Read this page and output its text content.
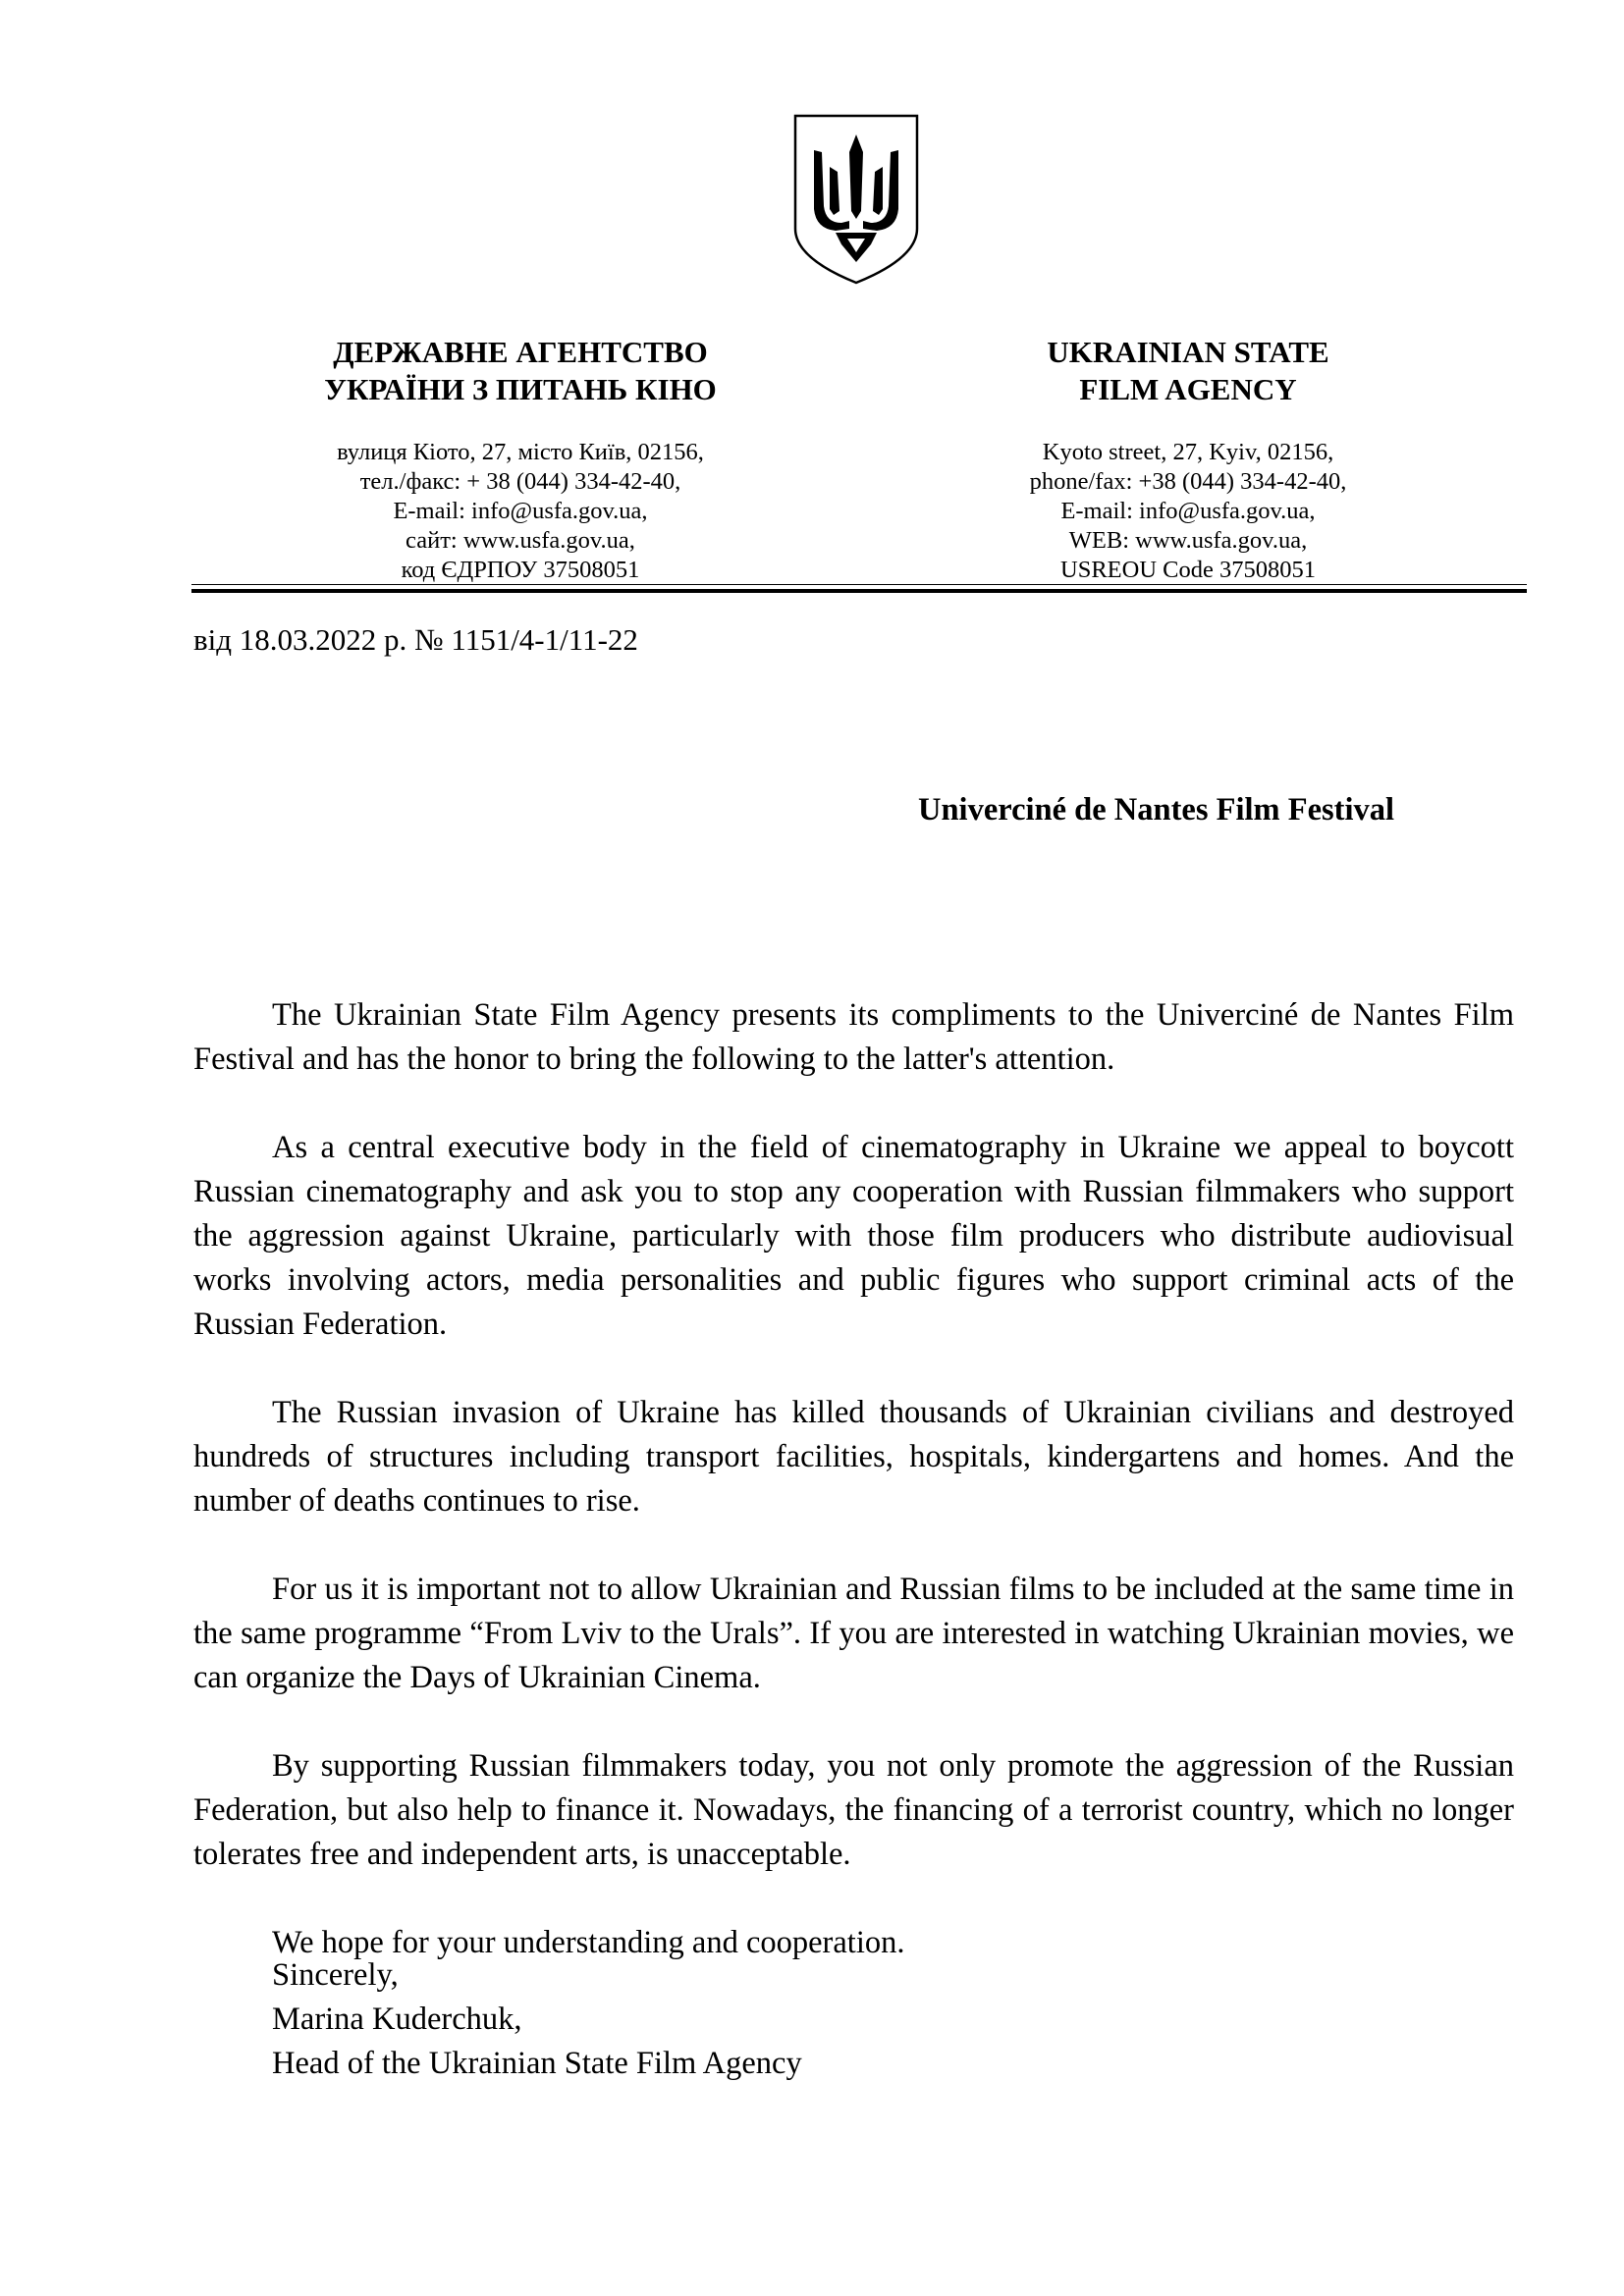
ДЕРЖАВНЕ АГЕНТСТВО
УКРАЇНИ З ПИТАНЬ КІНО

вулиця Кіото, 27, місто Київ, 02156,
тел./факс: + 38 (044) 334-42-40,
E-mail: info@usfa.gov.ua,
сайт: www.usfa.gov.ua,
код ЄДРПОУ 37508051

UKRAINIAN STATE
FILM AGENCY

Kyoto street, 27, Kyiv, 02156,
phone/fax: +38 (044) 334-42-40,
E-mail: info@usfa.gov.ua,
WEB: www.usfa.gov.ua,
USREOU Code 37508051
від 18.03.2022 р. № 1151/4-1/11-22
Univerciné de Nantes Film Festival

The Ukrainian State Film Agency presents its compliments to the Univerciné de Nantes Film Festival and has the honor to bring the following to the latter's attention.

As a central executive body in the field of cinematography in Ukraine we appeal to boycott Russian cinematography and ask you to stop any cooperation with Russian filmmakers who support the aggression against Ukraine, particularly with those film producers who distribute audiovisual works involving actors, media personalities and public figures who support criminal acts of the Russian Federation.

The Russian invasion of Ukraine has killed thousands of Ukrainian civilians and destroyed hundreds of structures including transport facilities, hospitals, kindergartens and homes. And the number of deaths continues to rise.

For us it is important not to allow Ukrainian and Russian films to be included at the same time in the same programme “From Lviv to the Urals”. If you are interested in watching Ukrainian movies, we can organize the Days of Ukrainian Cinema.

By supporting Russian filmmakers today, you not only promote the aggression of the Russian Federation, but also help to finance it. Nowadays, the financing of a terrorist country, which no longer tolerates free and independent arts, is unacceptable.

We hope for your understanding and cooperation.

Sincerely,
Marina Kuderchuk,
Head of the Ukrainian State Film Agency
